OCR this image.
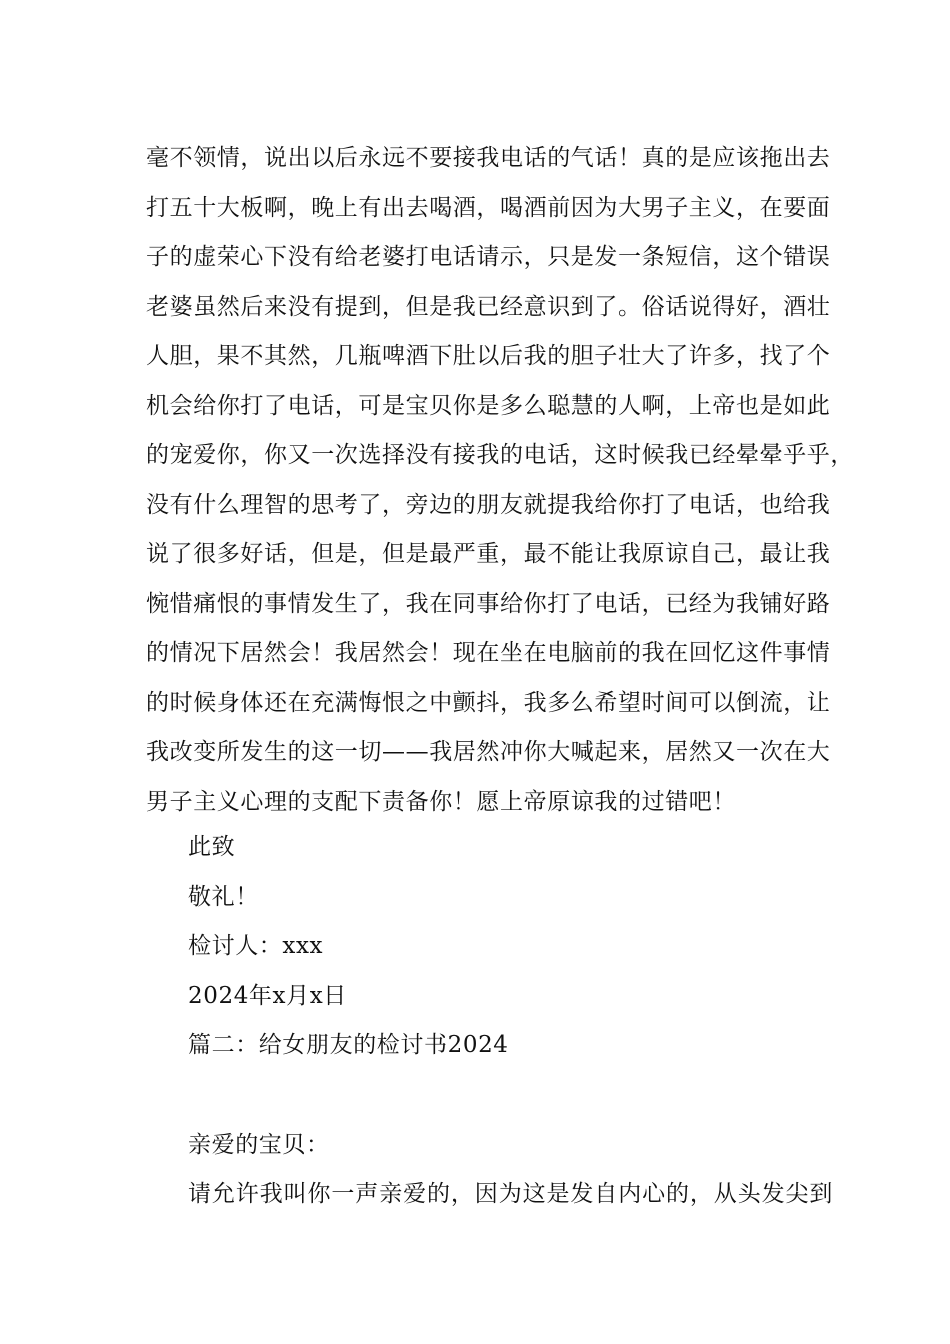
毫不领情，说出以后永远不要接我电话的气话！真的是应该拖出去
打五十大板啊，晚上有出去喝酒，喝酒前因为大男子主义，在要面
子的虚荣心下没有给老婆打电话请示，只是发一条短信，这个错误
老婆虽然后来没有提到，但是我已经意识到了。俗话说得好，酒壮
人胆，果不其然，几瓶啤酒下肚以后我的胆子壮大了许多，找了个
机会给你打了电话，可是宝贝你是多么聪慧的人啊，上帝也是如此
的宠爱你，你又一次选择没有接我的电话，这时候我已经晕晕乎乎，
没有什么理智的思考了，旁边的朋友就提我给你打了电话，也给我
说了很多好话，但是，但是最严重，最不能让我原谅自己，最让我
惋惜痛恨的事情发生了，我在同事给你打了电话，已经为我铺好路
的情况下居然会！我居然会！现在坐在电脑前的我在回忆这件事情
的时候身体还在充满悔恨之中颤抖，我多么希望时间可以倒流，让
我改变所发生的这一切——我居然冲你大喊起来，居然又一次在大
男子主义心理的支配下责备你！愿上帝原谅我的过错吧！
此致
敬礼！
检讨人：xxx
2024年x月x日
篇二：给女朋友的检讨书2024
亲爱的宝贝：
请允许我叫你一声亲爱的，因为这是发自内心的，从头发尖到
